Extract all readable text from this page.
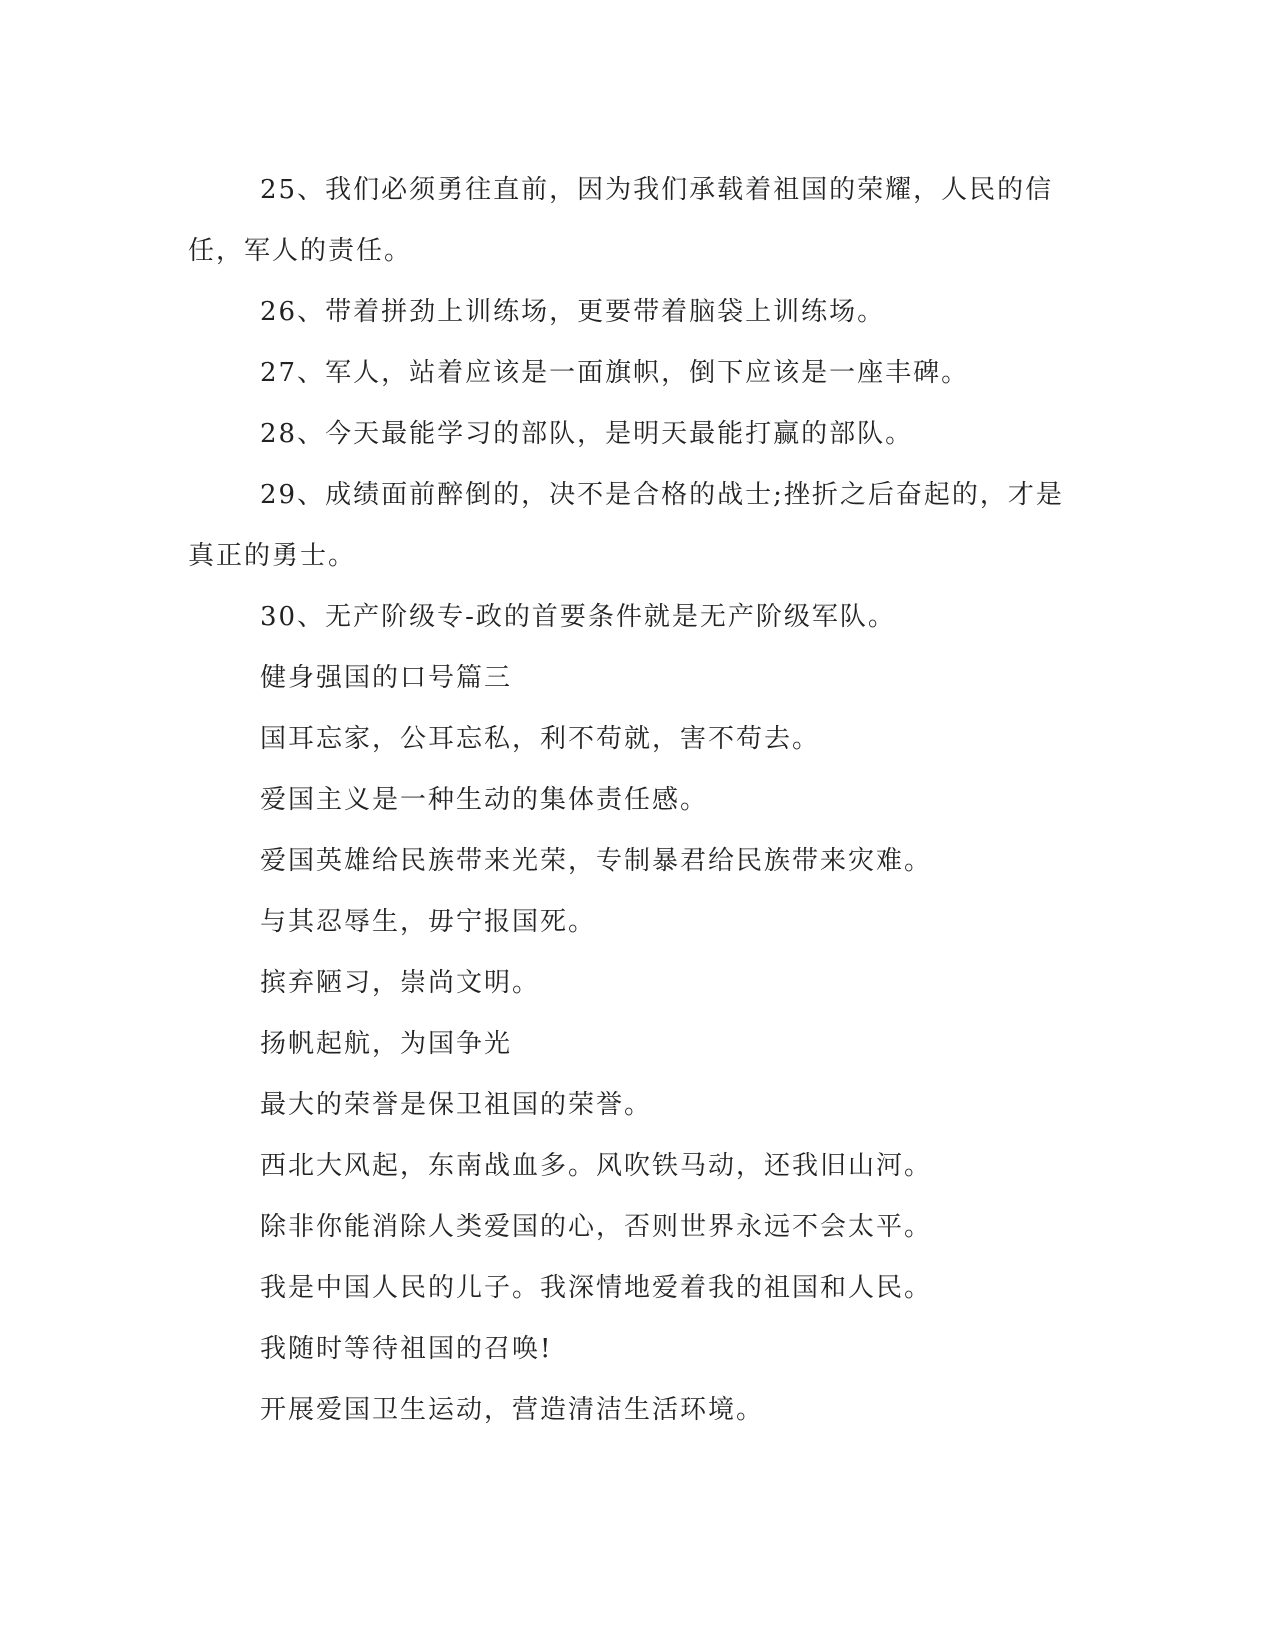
25、我们必须勇往直前，因为我们承载着祖国的荣耀，人民的信任，军人的责任。

26、带着拼劲上训练场，更要带着脑袋上训练场。

27、军人，站着应该是一面旗帜，倒下应该是一座丰碑。

28、今天最能学习的部队，是明天最能打赢的部队。

29、成绩面前醉倒的，决不是合格的战士;挫折之后奋起的，才是真正的勇士。

30、无产阶级专-政的首要条件就是无产阶级军队。

健身强国的口号篇三

国耳忘家，公耳忘私，利不苟就，害不苟去。

爱国主义是一种生动的集体责任感。

爱国英雄给民族带来光荣，专制暴君给民族带来灾难。

与其忍辱生，毋宁报国死。

摈弃陋习，崇尚文明。

扬帆起航，为国争光

最大的荣誉是保卫祖国的荣誉。

西北大风起，东南战血多。风吹铁马动，还我旧山河。

除非你能消除人类爱国的心，否则世界永远不会太平。

我是中国人民的儿子。我深情地爱着我的祖国和人民。

我随时等待祖国的召唤!

开展爱国卫生运动，营造清洁生活环境。
